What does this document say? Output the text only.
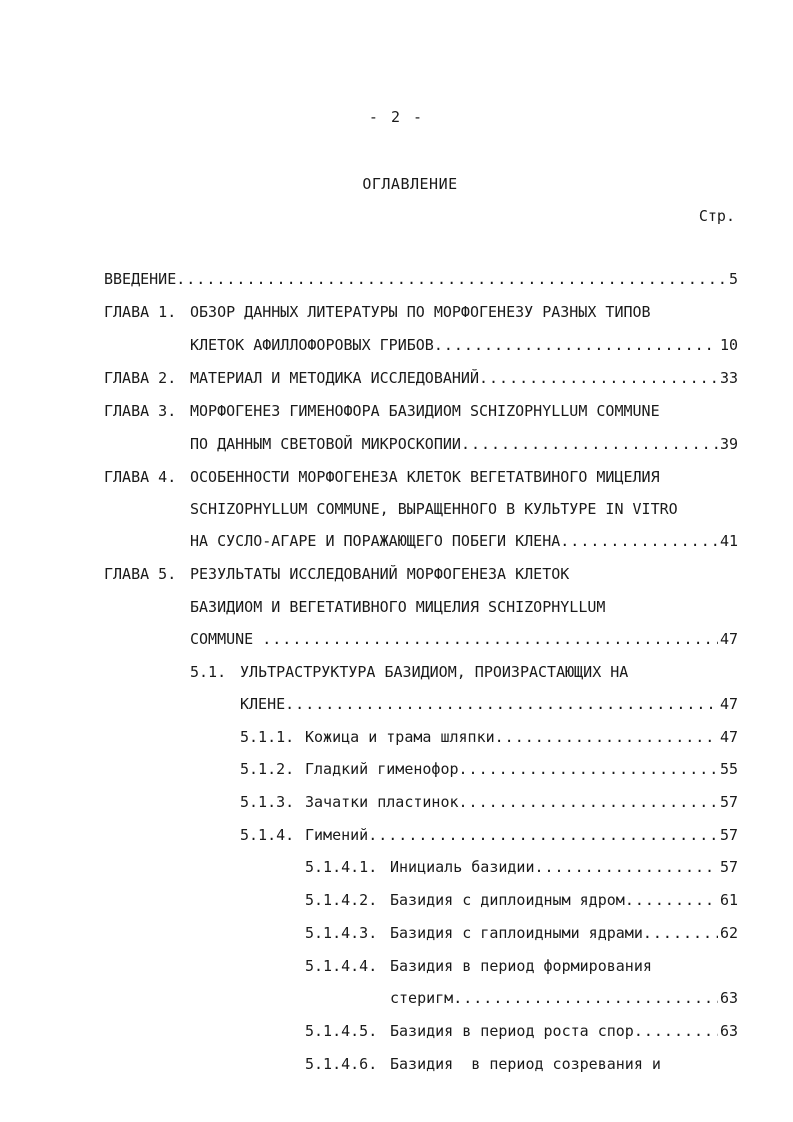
- 2 -
ОГЛАВЛЕНИЕ
Стр.
ВВЕДЕНИЕ .....	5
ГЛАВА 1. ОБЗОР ДАННЫХ ЛИТЕРАТУРЫ ПО МОРФОГЕНЕЗУ РАЗНЫХ ТИПОВ
КЛЕТОК АФИЛЛОФОРОВЫХ ГРИБОВ .....	10
ГЛАВА 2. МАТЕРИАЛ И МЕТОДИКА ИССЛЕДОВАНИЙ .....	33
ГЛАВА 3. МОРФОГЕНЕЗ ГИМЕНОФОРА БАЗИДИОМ SCHIZOPHYLLUM COMMUNE
ПО ДАННЫМ СВЕТОВОЙ МИКРОСКОПИИ .....	39
ГЛАВА 4. ОСОБЕННОСТИ МОРФОГЕНЕЗА КЛЕТОК ВЕГЕТАТВИНОГО МИЦЕЛИЯ
SCHIZOPHYLLUM COMMUNE, ВЫРАЩЕННОГО В КУЛЬТУРЕ IN VITRO
НА СУСЛО-АГАРЕ И ПОРАЖАЮЩЕГО ПОБЕГИ КЛЕНА .....	41
ГЛАВА 5. РЕЗУЛЬТАТЫ ИССЛЕДОВАНИЙ МОРФОГЕНЕЗА КЛЕТОК
БАЗИДИОМ И ВЕГЕТАТИВНОГО МИЦЕЛИЯ SCHIZOPHYLLUM
COMMUNE .....	47
5.1. УЛЬТРАСТРУКТУРА БАЗИДИОМ, ПРОИЗРАСТАЮЩИХ НА
КЛЕНЕ .....	47
5.1.1. Кожица и трама шляпки .....	47
5.1.2. Гладкий гименофор .....	55
5.1.3. Зачатки пластинок .....	57
5.1.4. Гимений .....	57
5.1.4.1. Инициаль базидии .....	57
5.1.4.2. Базидия с диплоидным ядром .....	61
5.1.4.3. Базидия с гаплоидными ядрами .....	62
5.1.4.4. Базидия в период формирования
стеригм .....	63
5.1.4.5. Базидия в период роста спор .....	63
5.1.4.6. Базидия  в период созревания и
